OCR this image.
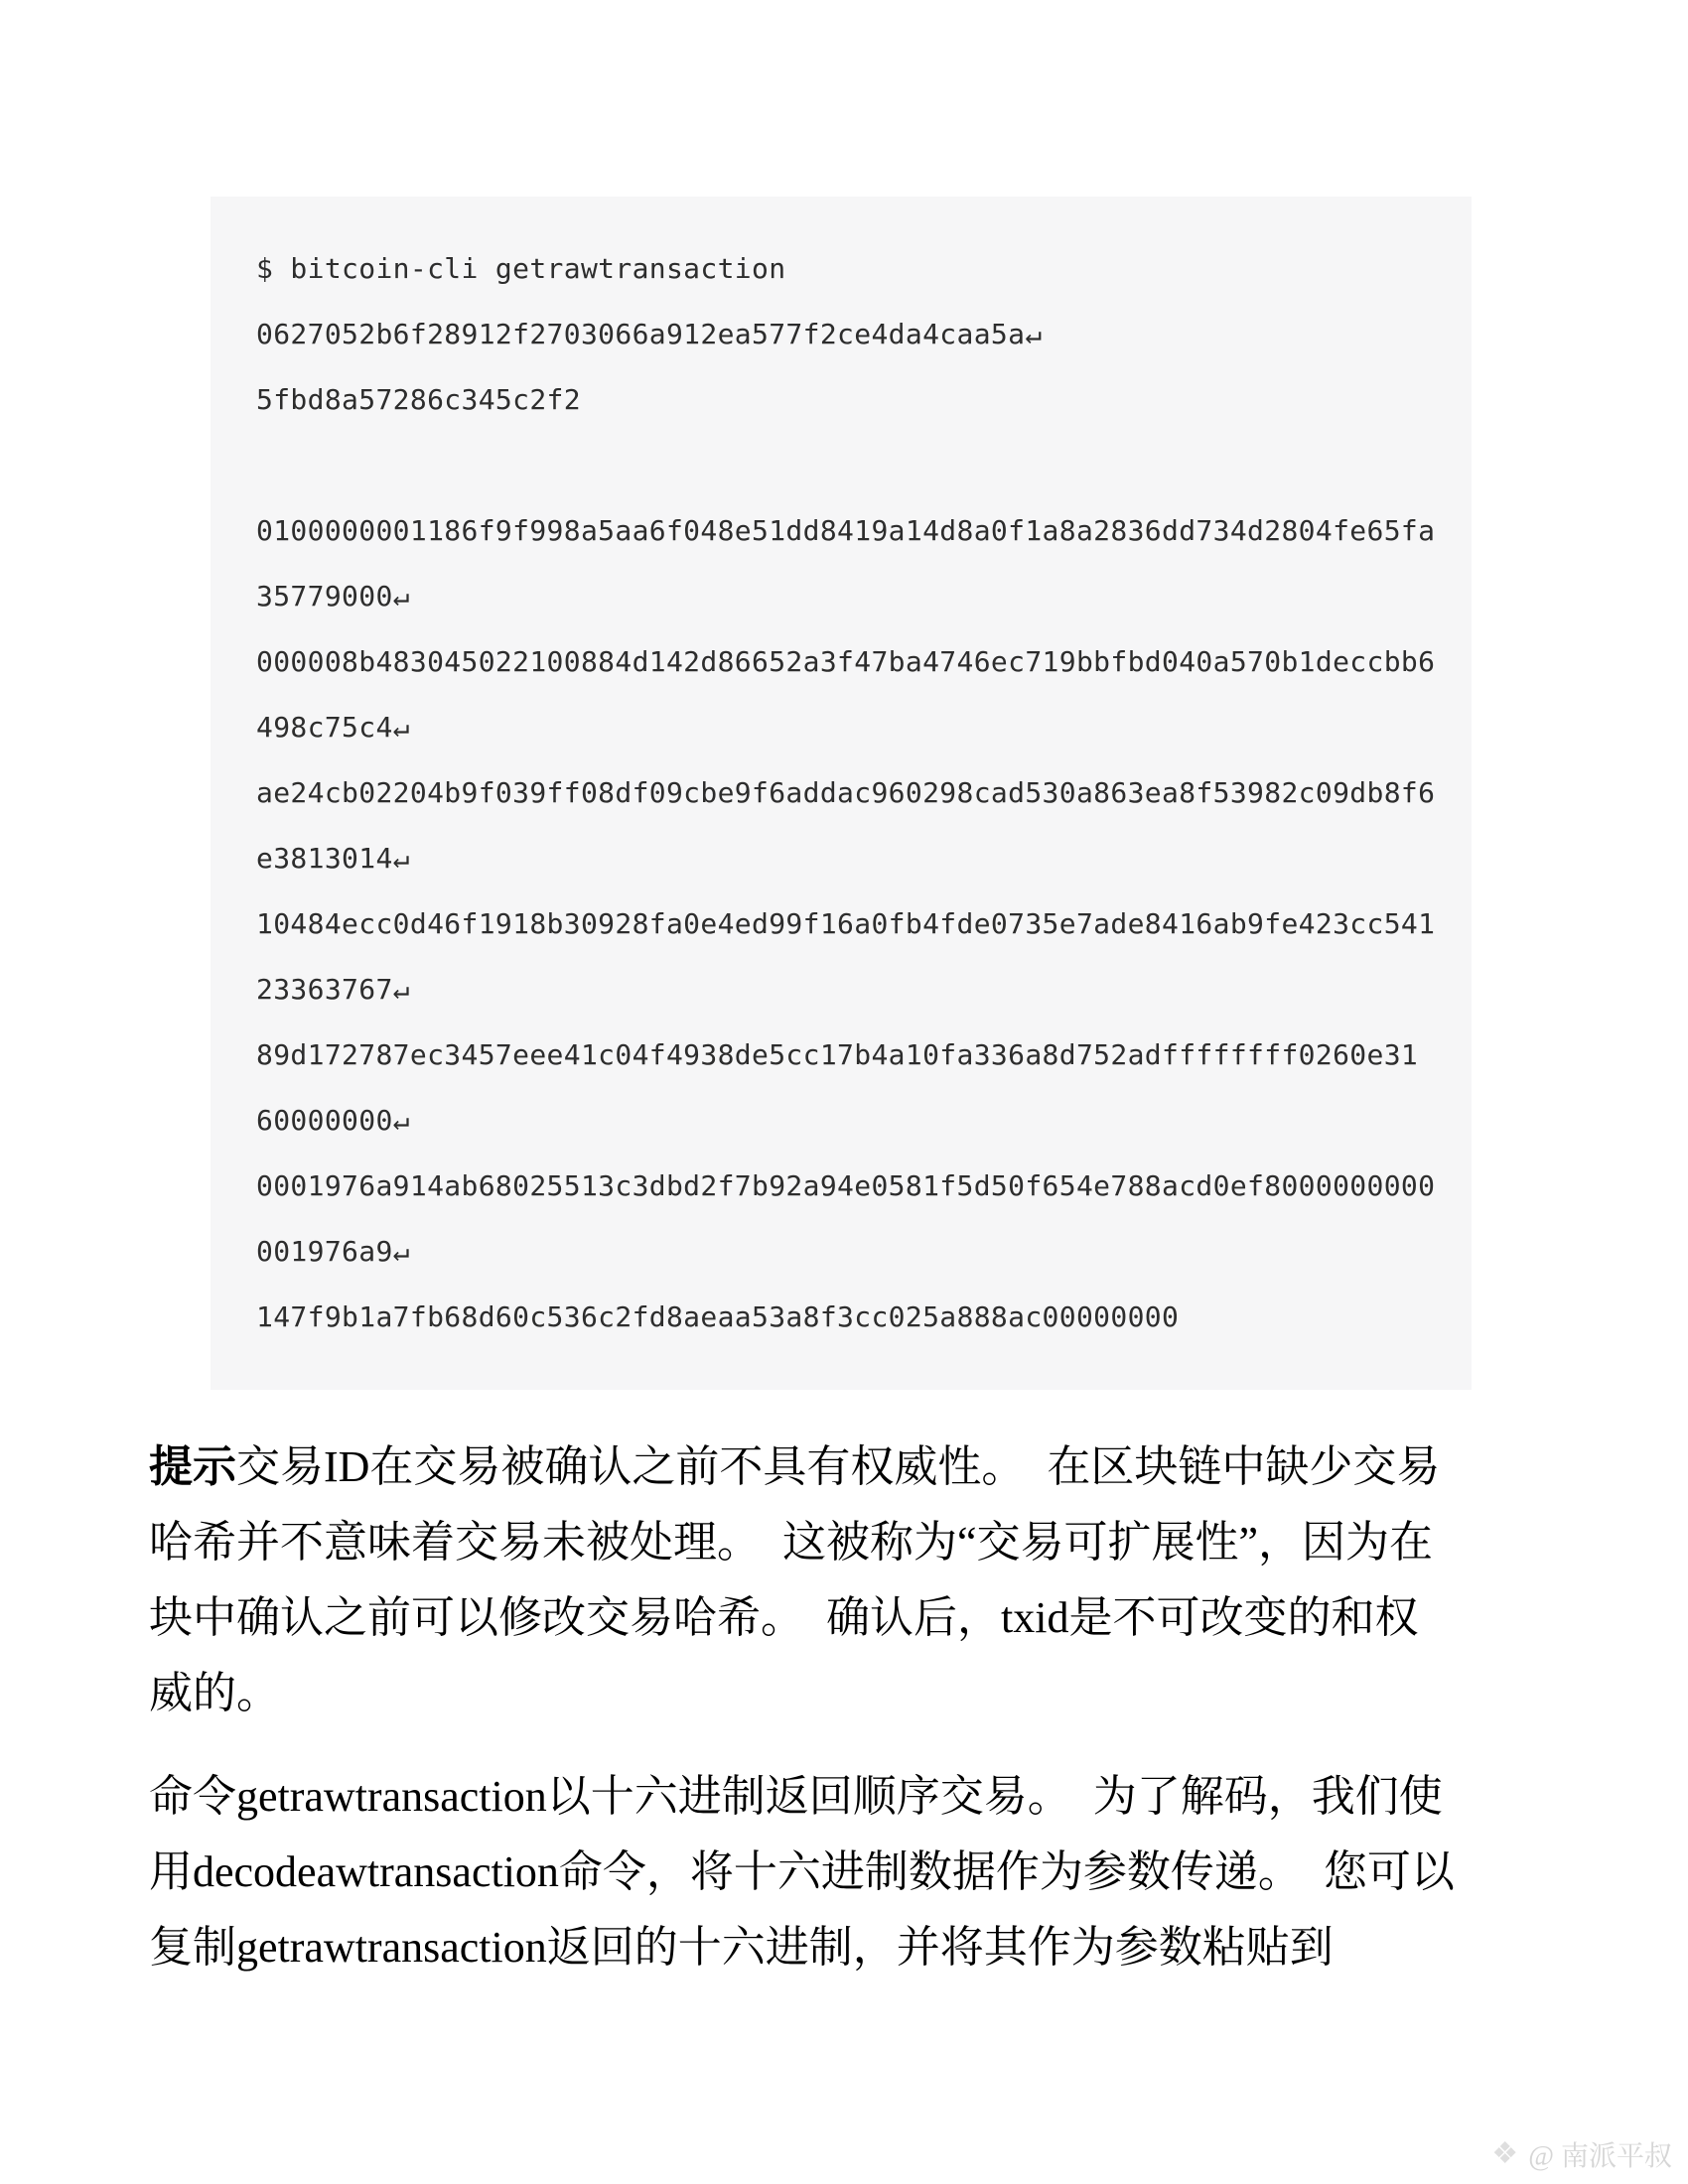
$ bitcoin-cli getrawtransaction
0627052b6f28912f2703066a912ea577f2ce4da4caa5a↵
5fbd8a57286c345c2f2
0100000001186f9f998a5aa6f048e51dd8419a14d8a0f1a8a2836dd734d2804fe65fa
35779000↵
000008b483045022100884d142d86652a3f47ba4746ec719bbfbd040a570b1deccbb6
498c75c4↵
ae24cb02204b9f039ff08df09cbe9f6addac960298cad530a863ea8f53982c09db8f6
e3813014↵
10484ecc0d46f1918b30928fa0e4ed99f16a0fb4fde0735e7ade8416ab9fe423cc541
23363767↵
89d172787ec3457eee41c04f4938de5cc17b4a10fa336a8d752adffffffff0260e31
60000000↵
0001976a914ab68025513c3dbd2f7b92a94e0581f5d50f654e788acd0ef8000000000
001976a9↵
147f9b1a7fb68d60c536c2fd8aeaa53a8f3cc025a888ac00000000

提示交易ID在交易被确认之前不具有权威性。　在区块链中缺少交易哈希并不意味着交易未被处理。　这被称为“交易可扩展性”，因为在块中确认之前可以修改交易哈希。　确认后，txid是不可改变的和权威的。

命令getrawtransaction以十六进制返回顺序交易。　为了解码，我们使用decodeawtransaction命令，将十六进制数据作为参数传递。　您可以复制getrawtransaction返回的十六进制，并将其作为参数粘贴到

❖ @ 南派平叔
